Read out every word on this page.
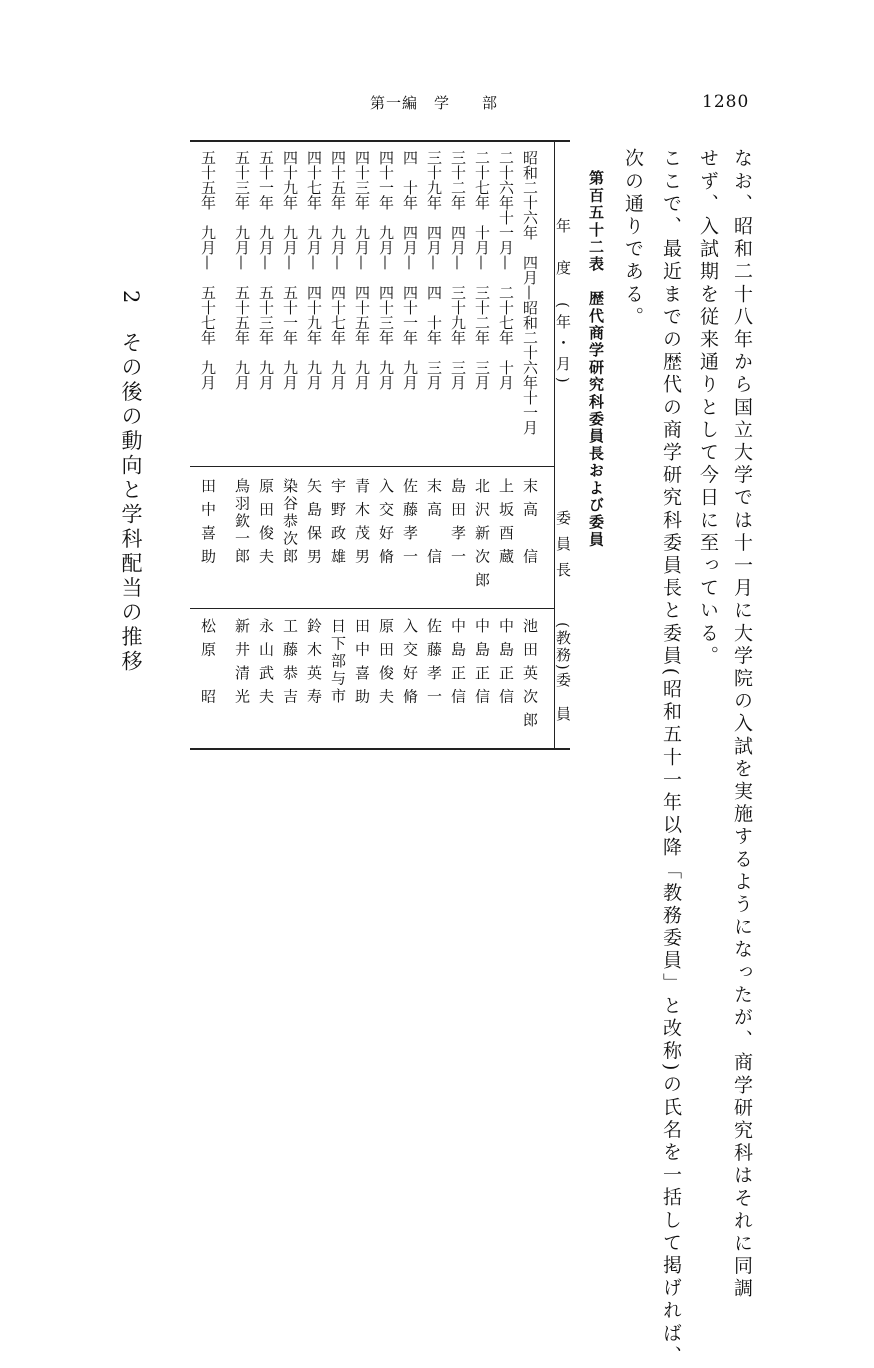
第一編　学　　部	1280
なお、昭和二十八年から国立大学では十一月に大学院の入試を実施するようになったが、商学研究科はそれに同調
せず、入試期を従来通りとして今日に至っている。
ここで、最近までの歴代の商学研究科委員長と委員(昭和五十一年以降「教務委員」と改称)の氏名を一括して掲げれば、
次の通りである。
第百五十二表　歴代商学研究科委員長および委員
年　度　(年・月)
委員長
(教務)委　員
昭和二十六年　四月—昭和二十六年十一月
末高　信
池田英次郎
二十六年十一月—　二十七年　十月
上坂酉蔵
中島正信
二十七年　十月—　三十二年　三月
北沢新次郎
中島正信
三十二年　四月—　三十九年　三月
島田孝一
中島正信
三十九年　四月—　四　十年　三月
末高　信
佐藤孝一
四　十年　四月—　四十一年　九月
佐藤孝一
入交好脩
四十一年　九月—　四十三年　九月
入交好脩
原田俊夫
四十三年　九月—　四十五年　九月
青木茂男
田中喜助
四十五年　九月—　四十七年　九月
宇野政雄
日下部与市
四十七年　九月—　四十九年　九月
矢島保男
鈴木英寿
四十九年　九月—　五十一年　九月
染谷恭次郎
工藤恭吉
五十一年　九月—　五十三年　九月
原田俊夫
永山武夫
五十三年　九月—　五十五年　九月
鳥羽欽一郎
新井清光
五十五年　九月—　五十七年　九月
田中喜助
松原　昭
2　その後の動向と学科配当の推移
